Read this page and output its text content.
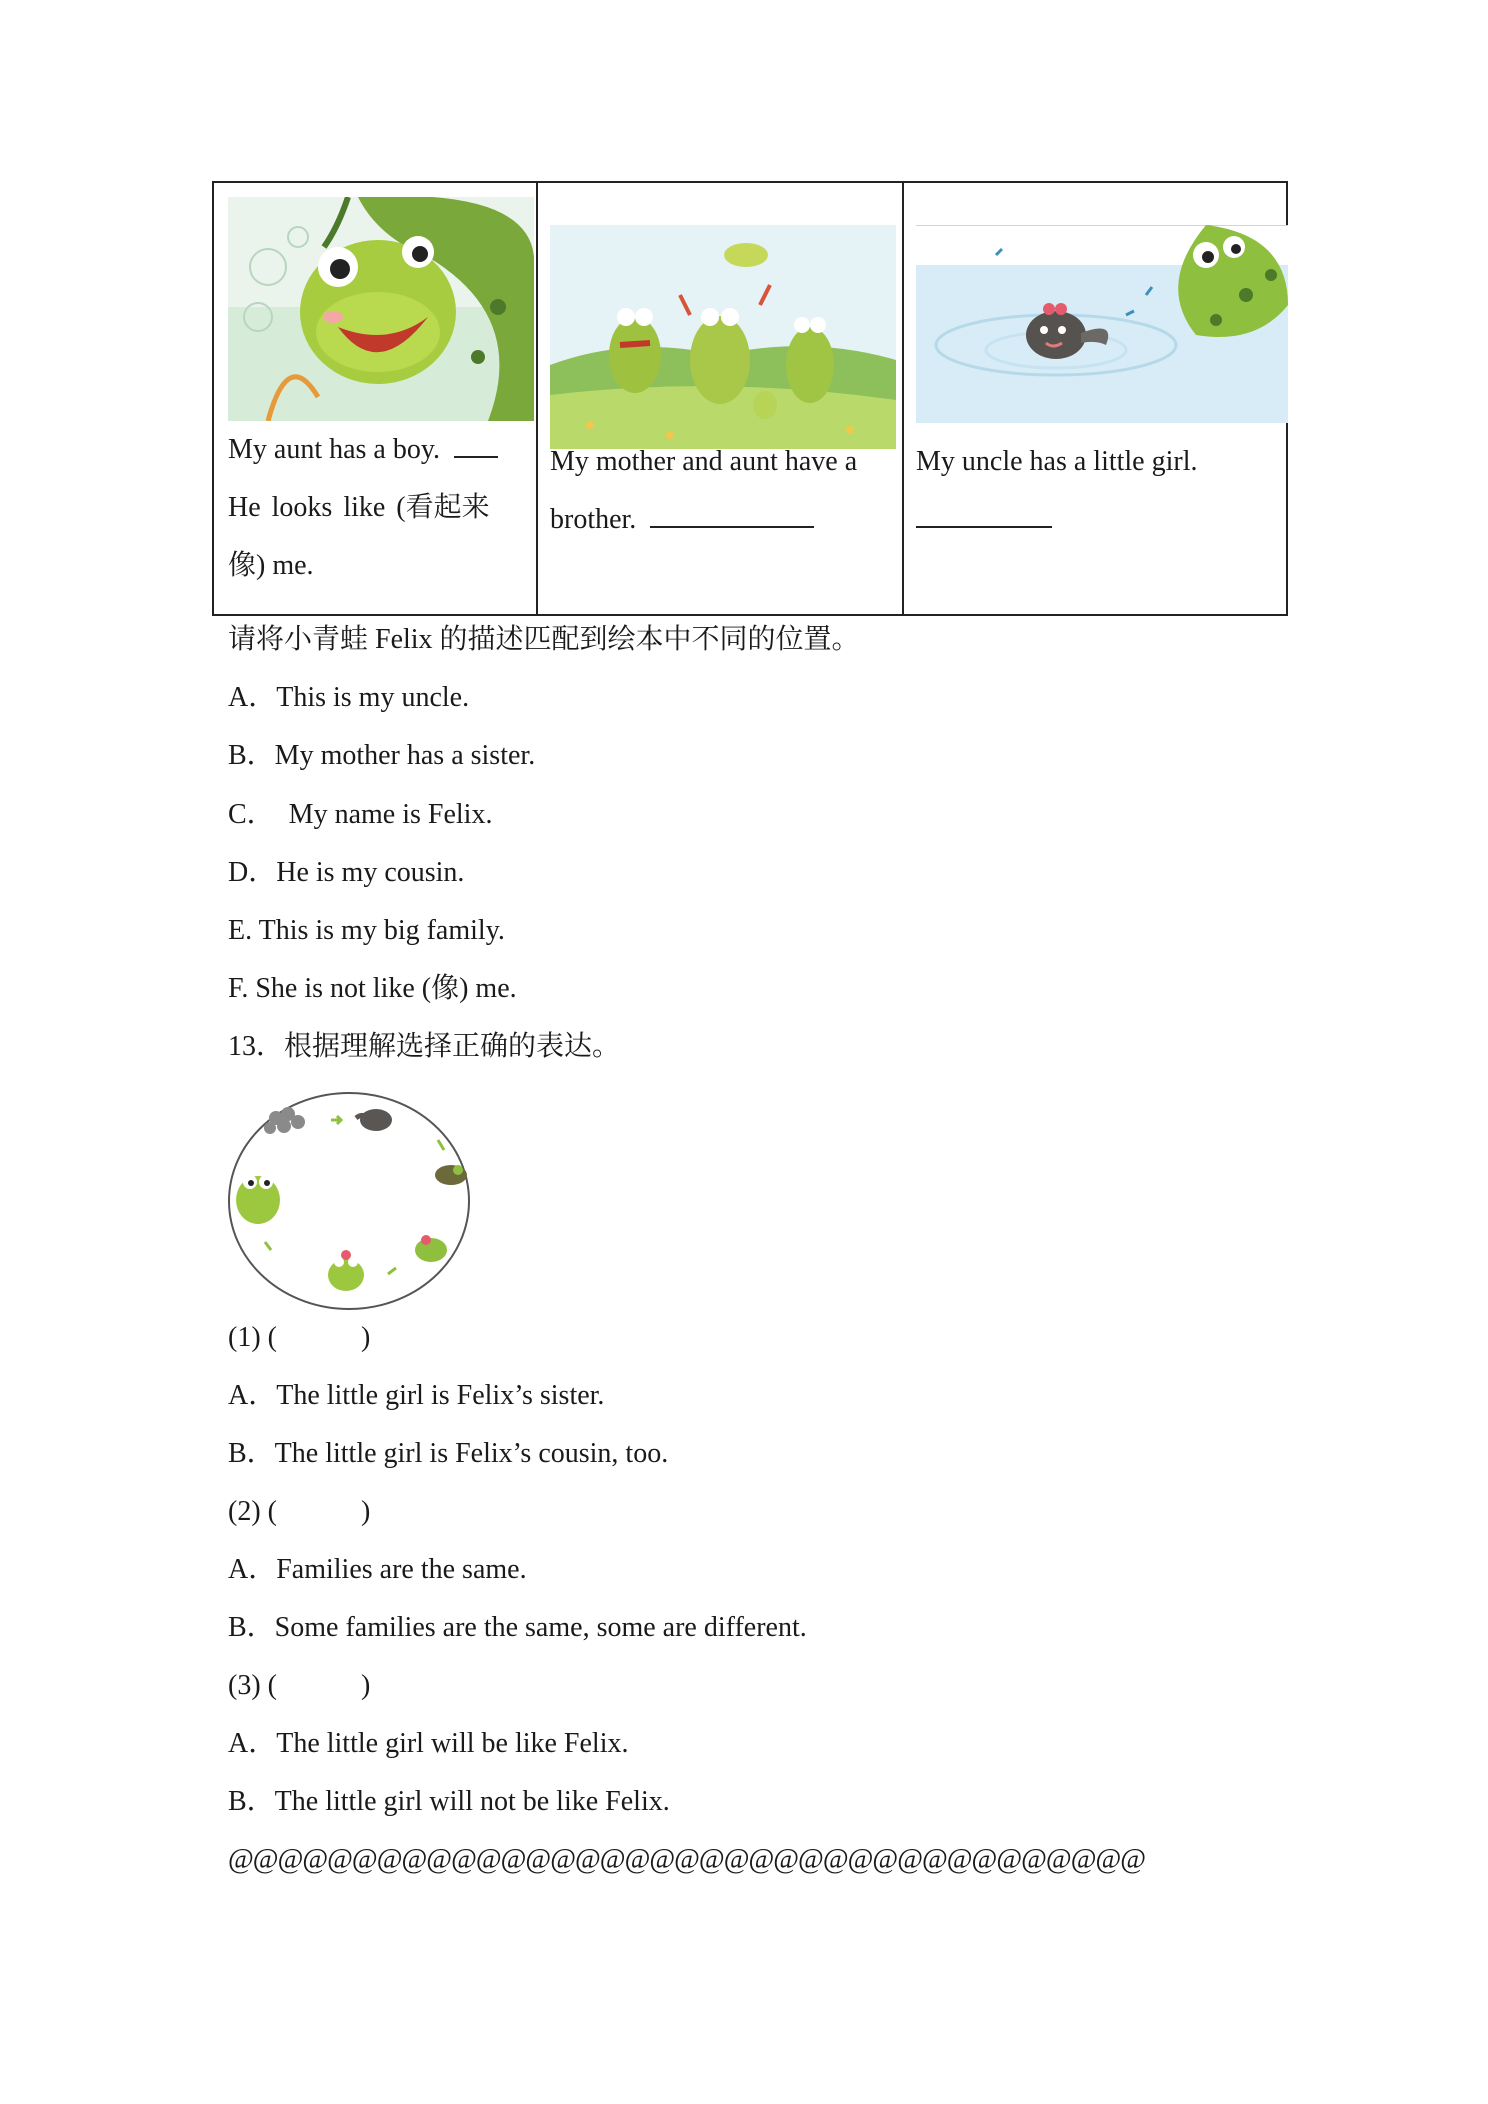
My aunt has a boy.
He looks like (看起来
像) me.
My mother and aunt have a
brother.
My uncle has a little girl.
请将小青蛙 Felix 的描述匹配到绘本中不同的位置。
A．This is my uncle.
B．My mother has a sister.
C．  My name is Felix.
D．He is my cousin.
E. This is my big family.
F. She is not like (像) me.
13．根据理解选择正确的表达。
(1) (　　　)
A．The little girl is Felix’s sister.
B．The little girl is Felix’s cousin, too.
(2) (　　　)
A．Families are the same.
B．Some families are the same, some are different.
(3) (　　　)
A．The little girl will be like Felix.
B．The little girl will not be like Felix.
@@@@@@@@@@@@@@@@@@@@@@@@@@@@@@@@@@@@@
